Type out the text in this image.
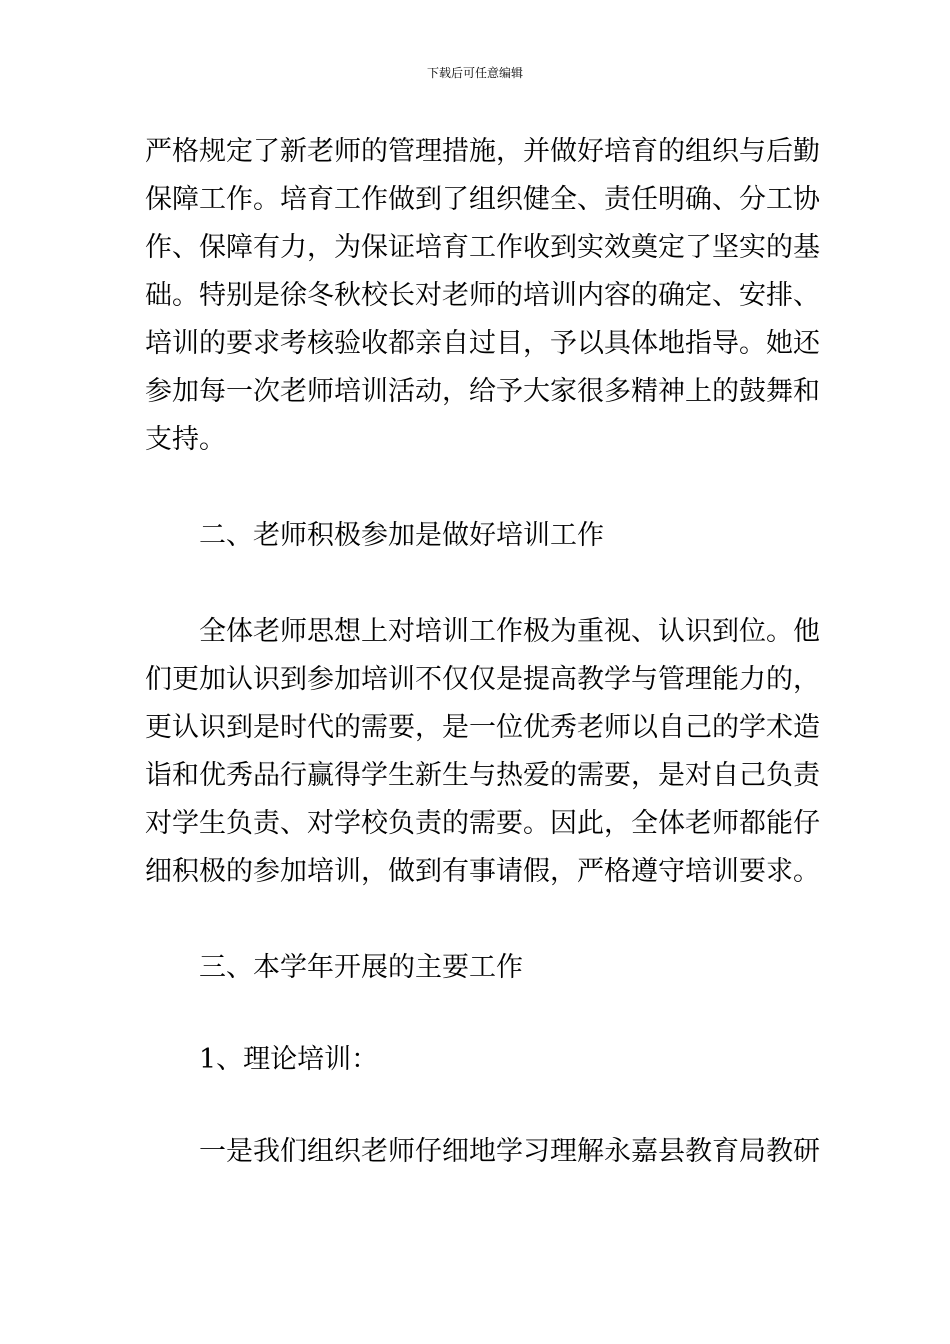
下载后可任意编辑

严格规定了新老师的管理措施，并做好培育的组织与后勤
保障工作。培育工作做到了组织健全、责任明确、分工协
作、保障有力，为保证培育工作收到实效奠定了坚实的基
础。特别是徐冬秋校长对老师的培训内容的确定、安排、
培训的要求考核验收都亲自过目，予以具体地指导。她还
参加每一次老师培训活动，给予大家很多精神上的鼓舞和
支持。

二、老师积极参加是做好培训工作

全体老师思想上对培训工作极为重视、认识到位。他
们更加认识到参加培训不仅仅是提高教学与管理能力的，
更认识到是时代的需要，是一位优秀老师以自己的学术造
诣和优秀品行赢得学生新生与热爱的需要，是对自己负责
对学生负责、对学校负责的需要。因此，全体老师都能仔
细积极的参加培训，做到有事请假，严格遵守培训要求。

三、本学年开展的主要工作

1、理论培训：

一是我们组织老师仔细地学习理解永嘉县教育局教研
